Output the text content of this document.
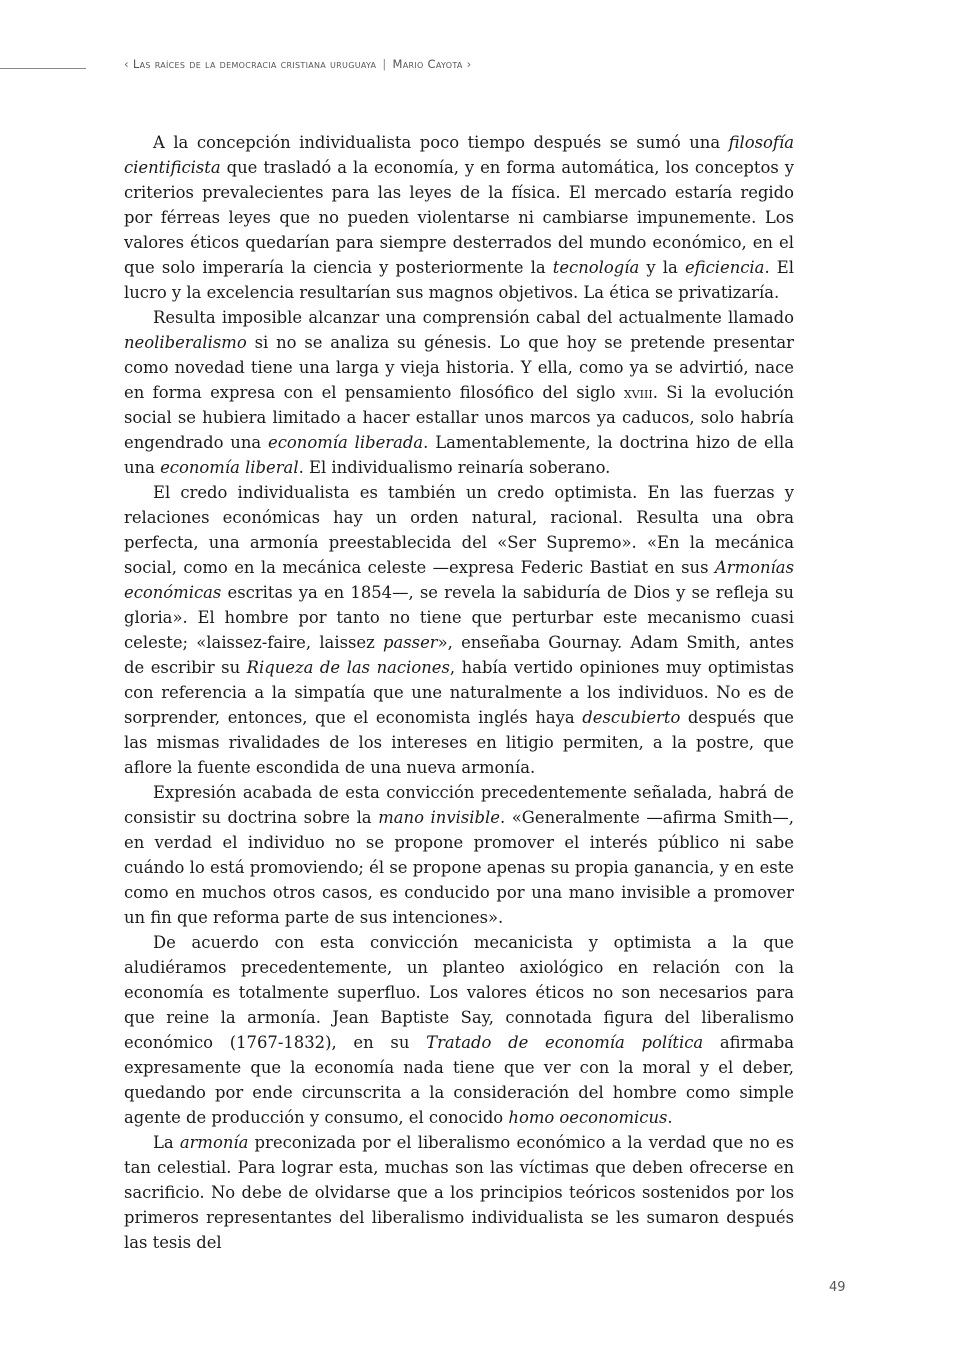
‹ Las raíces de la democracia cristiana uruguaya | Mario Cayota ›

A la concepción individualista poco tiempo después se sumó una filosofía cientificista que trasladó a la economía, y en forma automática, los conceptos y criterios prevalecientes para las leyes de la física. El mercado estaría regido por férreas leyes que no pueden violentarse ni cambiarse impunemente. Los valores éticos quedarían para siempre desterrados del mundo económico, en el que solo imperaría la ciencia y posteriormente la tecnología y la eficiencia. El lucro y la excelencia resultarían sus magnos objetivos. La ética se privatizaría.

Resulta imposible alcanzar una comprensión cabal del actualmente llamado neoliberalismo si no se analiza su génesis. Lo que hoy se pretende presentar como novedad tiene una larga y vieja historia. Y ella, como ya se advirtió, nace en forma expresa con el pensamiento filosófico del siglo xviii. Si la evolución social se hubiera limitado a hacer estallar unos marcos ya caducos, solo habría engendrado una economía liberada. Lamentablemente, la doctrina hizo de ella una economía liberal. El individualismo reinaría soberano.

El credo individualista es también un credo optimista. En las fuerzas y relaciones económicas hay un orden natural, racional. Resulta una obra perfecta, una armonía preestablecida del «Ser Supremo». «En la mecánica social, como en la mecánica celeste —expresa Federic Bastiat en sus Armonías económicas escritas ya en 1854—, se revela la sabiduría de Dios y se refleja su gloria». El hombre por tanto no tiene que perturbar este mecanismo cuasi celeste; «laissez-faire, laissez passer», enseñaba Gournay. Adam Smith, antes de escribir su Riqueza de las naciones, había vertido opiniones muy optimistas con referencia a la simpatía que une naturalmente a los individuos. No es de sorprender, entonces, que el economista inglés haya descubierto después que las mismas rivalidades de los intereses en litigio permiten, a la postre, que aflore la fuente escondida de una nueva armonía.

Expresión acabada de esta convicción precedentemente señalada, habrá de consistir su doctrina sobre la mano invisible. «Generalmente —afirma Smith—, en verdad el individuo no se propone promover el interés público ni sabe cuándo lo está promoviendo; él se propone apenas su propia ganancia, y en este como en muchos otros casos, es conducido por una mano invisible a promover un fin que reforma parte de sus intenciones».

De acuerdo con esta convicción mecanicista y optimista a la que aludiéramos precedentemente, un planteo axiológico en relación con la economía es totalmente superfluo. Los valores éticos no son necesarios para que reine la armonía. Jean Baptiste Say, connotada figura del liberalismo económico (1767-1832), en su Tratado de economía política afirmaba expresamente que la economía nada tiene que ver con la moral y el deber, quedando por ende circunscrita a la consideración del hombre como simple agente de producción y consumo, el conocido homo oeconomicus.

La armonía preconizada por el liberalismo económico a la verdad que no es tan celestial. Para lograr esta, muchas son las víctimas que deben ofrecerse en sacrificio. No debe de olvidarse que a los principios teóricos sostenidos por los primeros representantes del liberalismo individualista se les sumaron después las tesis del

49
